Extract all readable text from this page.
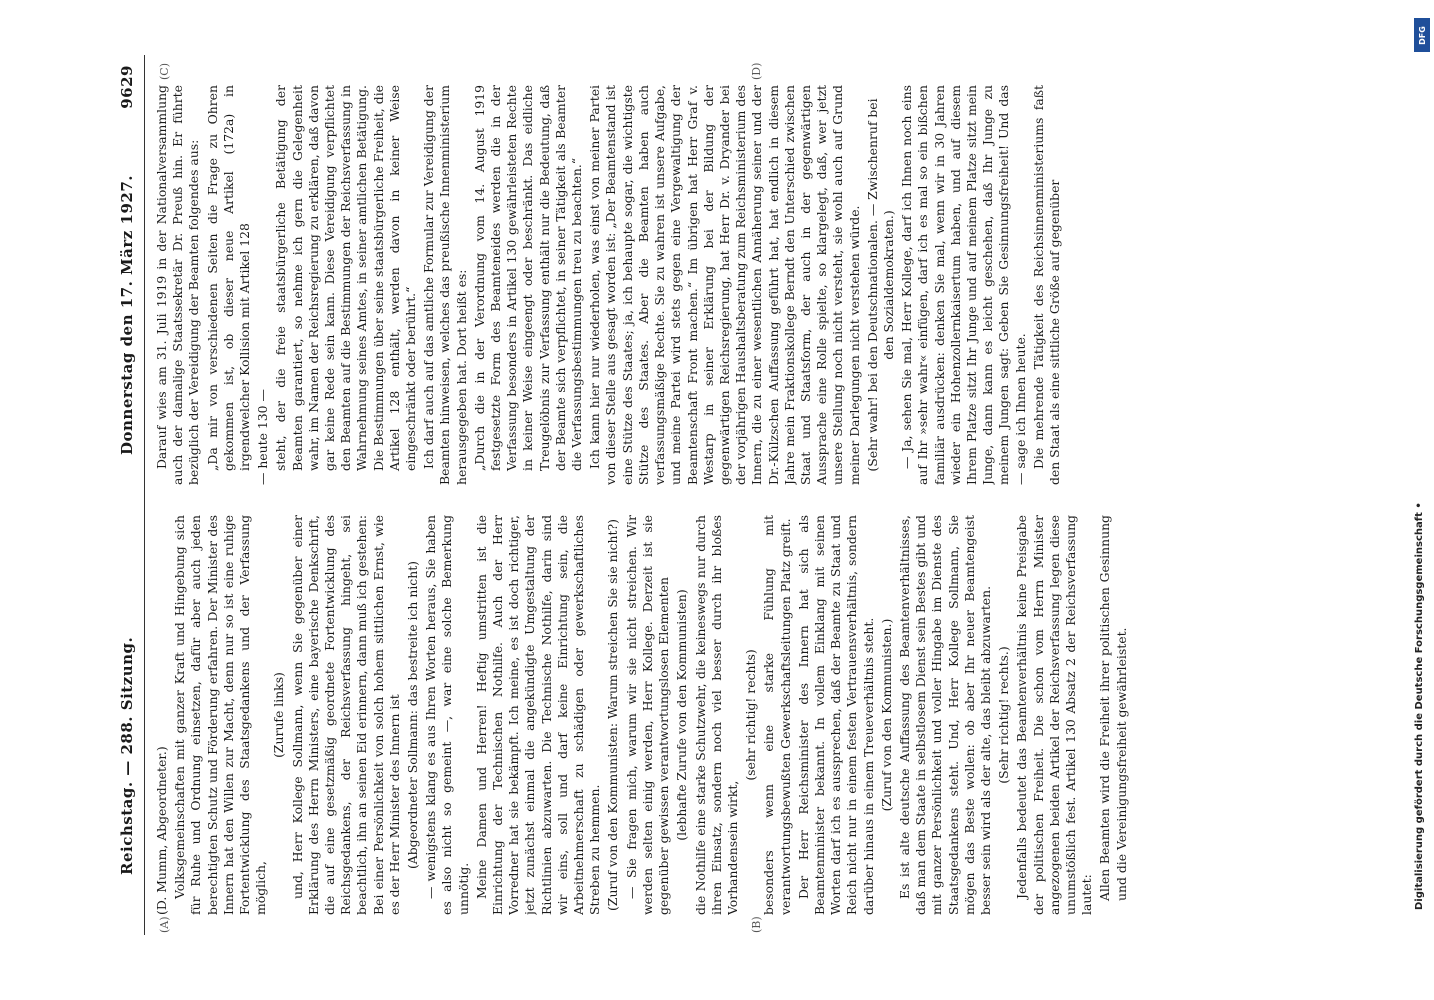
Reichstag. — 288. Sitzung.
Donnerstag den 17. März 1927.
9629
(A)	(B)
(C)	(D)

(D. Mumm, Abgeordneter.) Volksgemeinschaften mit ganzer Kraft und Hingebung sich für Ruhe und Ordnung einsetzen, dafür aber auch jeden berechtigten Schutz und Förderung erfahren. Der Minister des Innern hat den Willen zur Macht, denn nur so ist eine ruhige Fortentwicklung des Staatsgedankens und der Verfassung möglich,

(Zurufe links) und, Herr Kollege Sollmann, wenn Sie gegenüber einer Erklärung des Herrn Ministers, eine bayerische Denkschrift, die auf eine gesetzmäßig geordnete Fortentwicklung des Reichsgedankens, der Reichsverfassung hingeht, sei beachtlich, ihn an seinen Eid erinnern, dann muß ich gestehen: Bei einer Persönlichkeit von solch hohem sittlichen Ernst, wie es der Herr Minister des Innern ist (Abgeordneter Sollmann: das bestreite ich nicht) — wenigstens klang es aus Ihren Worten heraus, Sie haben es also nicht so gemeint —, war eine solche Bemerkung unnötig. Meine Damen und Herren! Heftig umstritten ist die Einrichtung der Technischen Nothilfe. Auch der Herr Vorredner hat sie bekämpft. Ich meine, es ist doch richtiger, jetzt zunächst einmal die angekündigte Umgestaltung der Richtlinien abzuwarten. Die Technische Nothilfe, darin sind wir eins, soll und darf keine Einrichtung sein, die Arbeitnehmerschaft zu schädigen oder gewerkschaftliches Streben zu hemmen. (Zuruf von den Kommunisten: Warum streichen Sie sie nicht?) — Sie fragen mich, warum wir sie nicht streichen. Wir werden selten einig werden, Herr Kollege. Derzeit ist sie gegenüber gewissen verantwortungslosen Elementen (lebhafte Zurufe von den Kommunisten) die Nothilfe eine starke Schutzwehr, die keineswegs nur durch ihren Einsatz, sondern noch viel besser durch ihr bloßes Vorhandensein wirkt,

(sehr richtig! rechts) besonders wenn eine starke Fühlung mit verantwortungsbewußten Gewerkschaftsleitungen Platz greift. Der Herr Reichsminister des Innern hat sich als Beamtenminister bekannt. In vollem Einklang mit seinen Worten darf ich es aussprechen, daß der Beamte zu Staat und Reich nicht nur in einem festen Vertrauensverhältnis, sondern darüber hinaus in einem Treueverhältnis steht. (Zuruf von den Kommunisten.) Es ist alte deutsche Auffassung des Beamtenverhältnisses, daß man dem Staate in selbstlosem Dienst sein Bestes gibt und mit ganzer Persönlichkeit und voller Hingabe im Dienste des Staatsgedankens steht. Und, Herr Kollege Sollmann, Sie mögen das Beste wollen: ob aber Ihr neuer Beamtengeist besser sein wird als der alte, das bleibt abzuwarten. (Sehr richtig! rechts.) Jedenfalls bedeutet das Beamtenverhältnis keine Preisgabe der politischen Freiheit. Die schon vom Herrn Minister angezogenen beiden Artikel der Reichsverfassung legen diese unumstößlich fest. Artikel 130 Absatz 2 der Reichsverfassung lautet: Allen Beamten wird die Freiheit ihrer politischen Gesinnung und die Vereinigungsfreiheit gewährleistet.

Darauf wies am 31. Juli 1919 in der Nationalversammlung auch der damalige Staatssekretär Dr. Preuß hin. Er führte bezüglich der Vereidigung der Beamten folgendes aus: „Da mir von verschiedenen Seiten die Frage zu Ohren gekommen ist, ob dieser neue Artikel (172a) in irgendwelcher Kollision mit Artikel 128 — heute 130 — steht, der die freie staatsbürgerliche Betätigung der Beamten garantiert, so nehme ich gern die Gelegenheit wahr, im Namen der Reichsregierung zu erklären, daß davon gar keine Rede sein kann. Diese Vereidigung verpflichtet den Beamten auf die Bestimmungen der Reichsverfassung in Wahrnehmung seines Amtes, in seiner amtlichen Betätigung. Die Bestimmungen über seine staatsbürgerliche Freiheit, die Artikel 128 enthält, werden davon in keiner Weise eingeschränkt oder berührt.“ Ich darf auch auf das amtliche Formular zur Vereidigung der Beamten hinweisen, welches das preußische Innenministerium herausgegeben hat. Dort heißt es: „Durch die in der Verordnung vom 14. August 1919 festgesetzte Form des Beamteneides werden die in der Verfassung besonders in Artikel 130 gewährleisteten Rechte in keiner Weise eingeengt oder beschränkt. Das eidliche Treugelöbnis zur Verfassung enthält nur die Bedeutung, daß der Beamte sich verpflichtet, in seiner Tätigkeit als Beamter die Verfassungsbestimmungen treu zu beachten.“ Ich kann hier nur wiederholen, was einst von meiner Partei von dieser Stelle aus gesagt worden ist: „Der Beamtenstand ist eine Stütze des Staates; ja, ich behaupte sogar, die wichtigste Stütze des Staates. Aber die Beamten haben auch verfassungsmäßige Rechte. Sie zu wahren ist unsere Aufgabe, und meine Partei wird stets gegen eine Vergewaltigung der Beamtenschaft Front machen.“ Im übrigen hat Herr Graf v. Westarp in seiner Erklärung bei der Bildung der gegenwärtigen Reichsregierung, hat Herr Dr. v. Dryander bei der vorjährigen Haushaltsberatung zum Reichsministerium des Innern, die zu einer wesentlichen Annäherung seiner und der Dr.-Külzschen Auffassung geführt hat, hat endlich in diesem Jahre mein Fraktionskollege Berndt den Unterschied zwischen Staat und Staatsform, der auch in der gegenwärtigen Aussprache eine Rolle spielte, so klargelegt, daß, wer jetzt unsere Stellung noch nicht versteht, sie wohl auch auf Grund meiner Darlegungen nicht verstehen würde. (Sehr wahr! bei den Deutschnationalen. — Zwischenruf bei den Sozialdemokraten.) — Ja, sehen Sie mal, Herr Kollege, darf ich Ihnen noch eins auf Ihr »sehr wahr« einfügen, darf ich es mal so ein bißchen familiär ausdrücken: denken Sie mal, wenn wir in 30 Jahren wieder ein Hohenzollernkaisertum haben, und auf diesem Ihrem Platze sitzt Ihr Junge und auf meinem Platze sitzt mein Junge, dann kann es leicht geschehen, daß Ihr Junge zu meinem Jungen sagt: Geben Sie Gesinnungsfreiheit! Und das — sage ich Ihnen heute. Die mehrende Tätigkeit des Reichsinnenministeriums faßt den Staat als eine sittliche Größe auf gegenüber

Digitalisierung gefördert durch die Deutsche Forschungsgemeinschaft •
DFG
